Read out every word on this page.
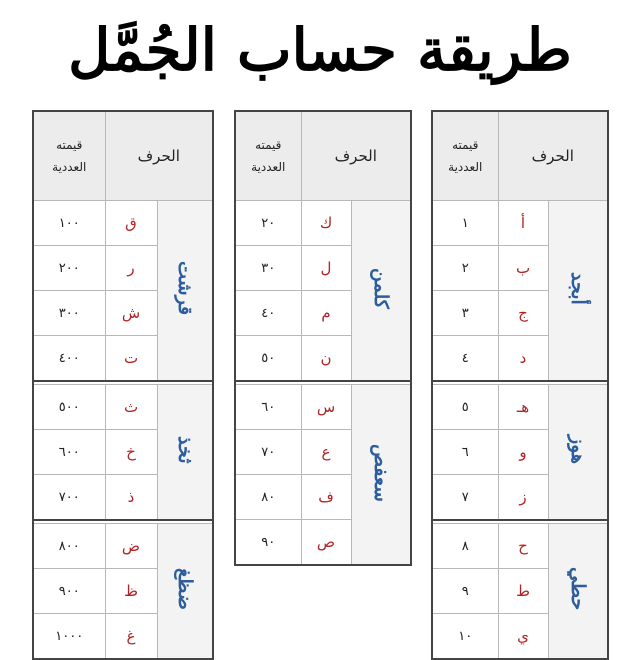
طريقة حساب الجُمَّل
الحرف		قيمته
العددية

أبجد	أ	١
	ب	٢
	ج	٣
	د	٤

هوز	هـ	٥
	و	٦
	ز	٧

حطي	ح	٨
	ط	٩
	ي	١٠
الحرف		قيمته
العددية

كلمن	ك	٢٠
	ل	٣٠
	م	٤٠
	ن	٥٠

سعفص	س	٦٠
	ع	٧٠
	ف	٨٠
	ص	٩٠
الحرف		قيمته
العددية

قرشت	ق	١٠٠
	ر	٢٠٠
	ش	٣٠٠
	ت	٤٠٠

ثخذ	ث	٥٠٠
	خ	٦٠٠
	ذ	٧٠٠

ضظغ	ض	٨٠٠
	ظ	٩٠٠
	غ	١٠٠٠
